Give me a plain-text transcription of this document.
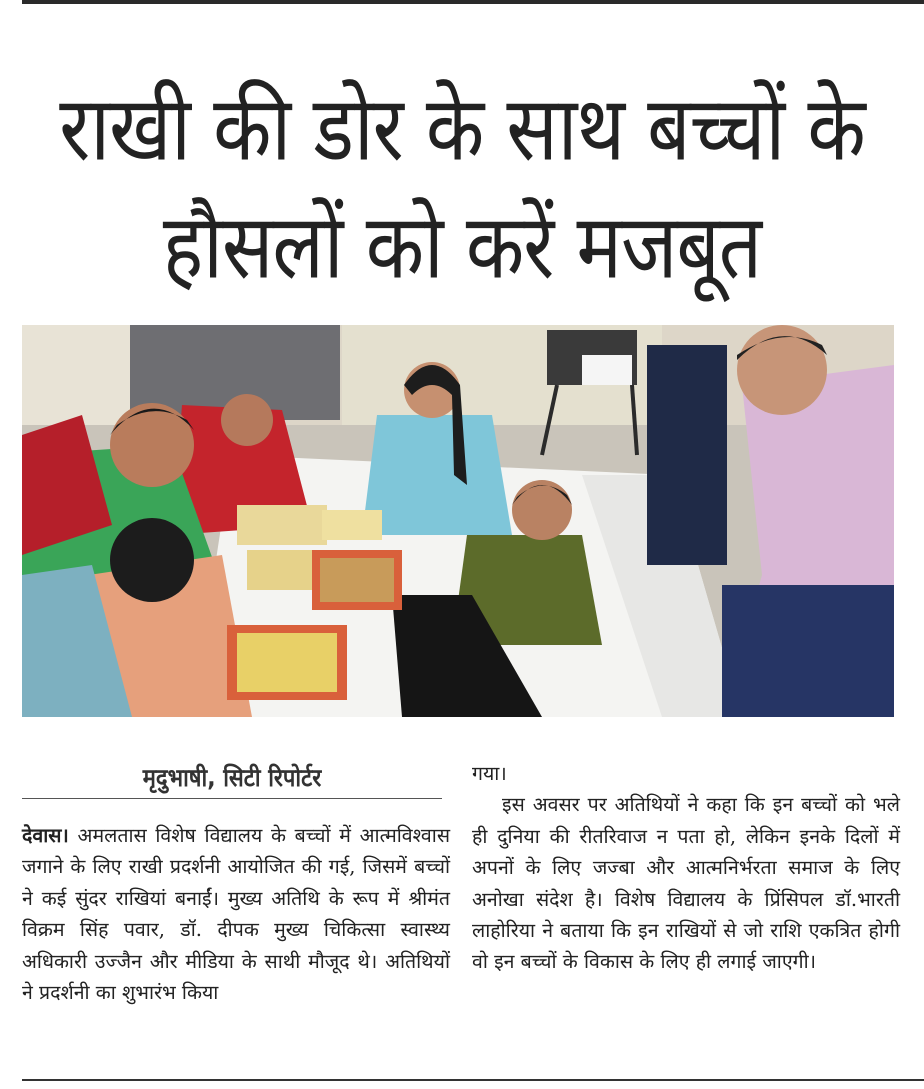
राखी की डोर के साथ बच्चों के हौसलों को करें मजबूत
मृदुभाषी, सिटी रिपोर्टर

देवास। अमलतास विशेष विद्यालय के बच्चों में आत्मविश्वास जगाने के लिए राखी प्रदर्शनी आयोजित की गई, जिसमें बच्चों ने कई सुंदर राखियां बनाईं। मुख्य अतिथि के रूप में श्रीमंत विक्रम सिंह पवार, डॉ. दीपक मुख्य चिकित्सा स्वास्थ्य अधिकारी उज्जैन और मीडिया के साथी मौजूद थे। अतिथियों ने प्रदर्शनी का शुभारंभ किया

गया।

इस अवसर पर अतिथियों ने कहा कि इन बच्चों को भले ही दुनिया की रीतरिवाज न पता हो, लेकिन इनके दिलों में अपनों के लिए जज्बा और आत्मनिर्भरता समाज के लिए अनोखा संदेश है। विशेष विद्यालय के प्रिंसिपल डॉ.भारती लाहोरिया ने बताया कि इन राखियों से जो राशि एकत्रित होगी वो इन बच्चों के विकास के लिए ही लगाई जाएगी।
